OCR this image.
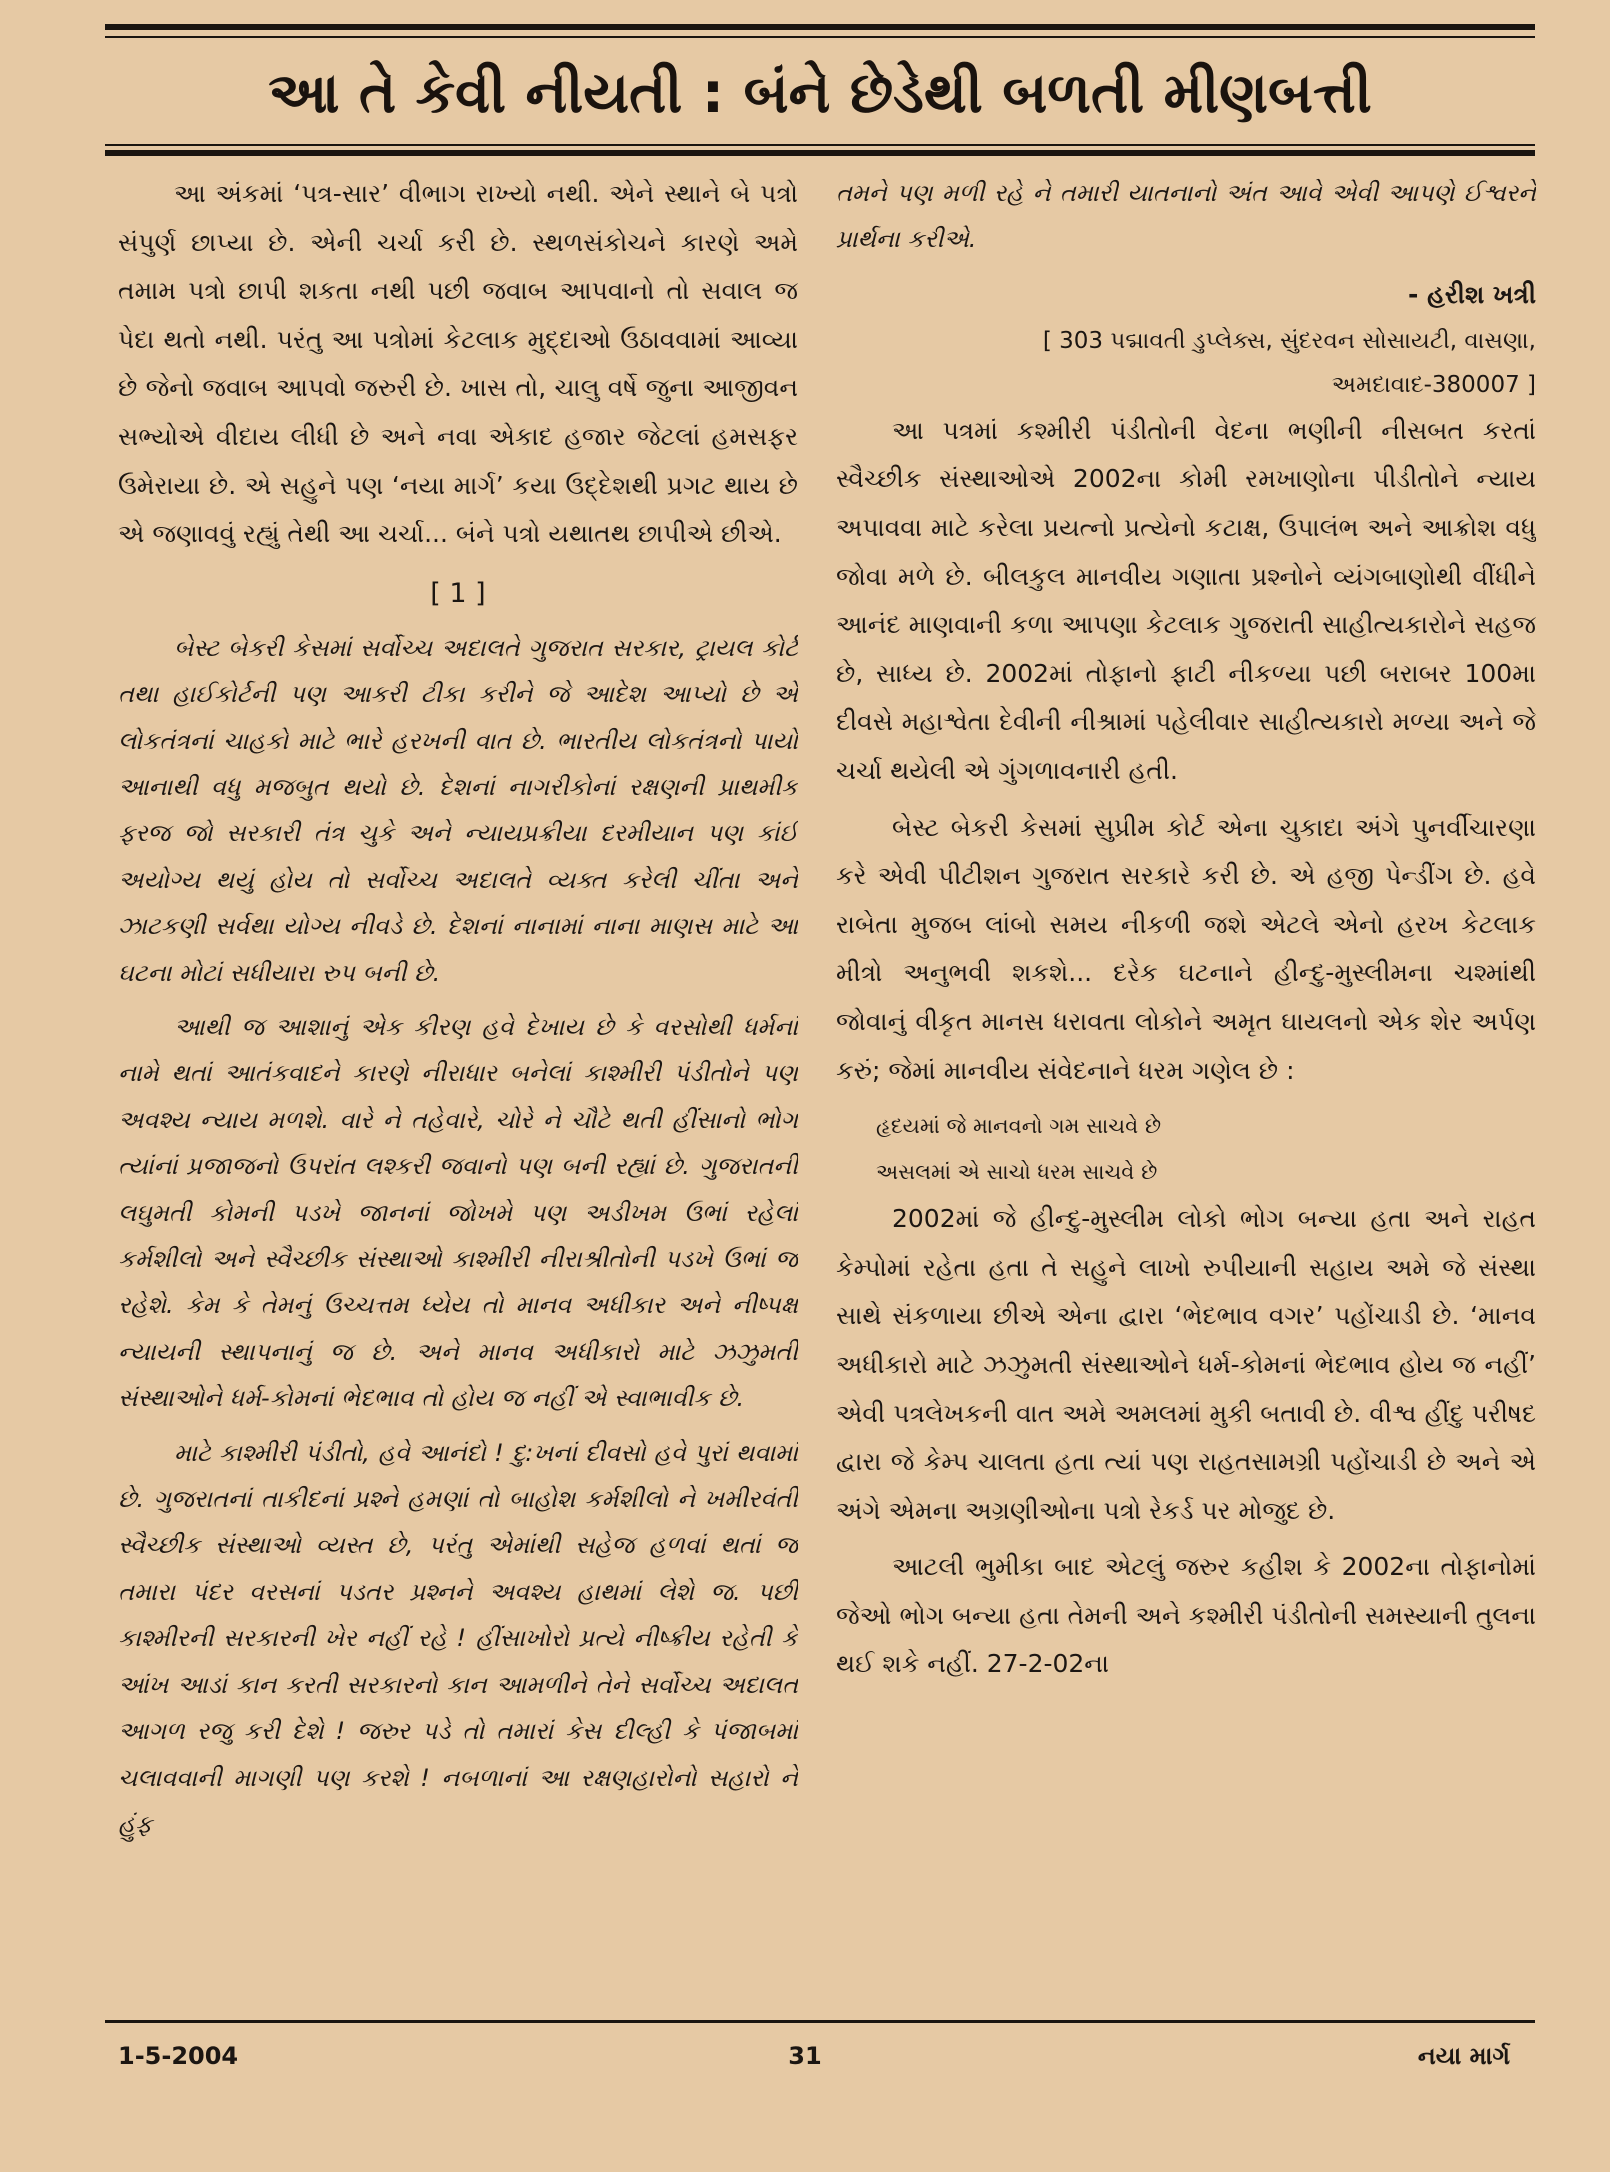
આ તે કેવી નીયતી : બંને છેડેથી બળતી મીણબત્તી

આ અંકમાં ‘પત્ર-સાર’ વીભાગ રાખ્યો નથી. એને સ્થાને બે પત્રો સંપુર્ણ છાપ્યા છે. એની ચર્ચા કરી છે. સ્થળસંકોચને કારણે અમે તમામ પત્રો છાપી શકતા નથી પછી જવાબ આપવાનો તો સવાલ જ પેદા થતો નથી. પરંતુ આ પત્રોમાં કેટલાક મુદ્દાઓ ઉઠાવવામાં આવ્યા છે જેનો જવાબ આપવો જરુરી છે. ખાસ તો, ચાલુ વર્ષે જુના આજીવન સભ્યોએ વીદાય લીધી છે અને નવા એકાદ હજાર જેટલાં હમસફર ઉમેરાયા છે. એ સહુને પણ ‘નયા માર્ગ’ કયા ઉદ્દેશથી પ્રગટ થાય છે એ જણાવવું રહ્યું તેથી આ ચર્ચા... બંને પત્રો યથાતથ છાપીએ છીએ.

[ 1 ]

બેસ્ટ બેકરી કેસમાં સર્વોચ્ચ અદાલતે ગુજરાત સરકાર, ટ્રાયલ કોર્ટ તથા હાઈકોર્ટની પણ આકરી ટીકા કરીને જે આદેશ આપ્યો છે એ લોકતંત્રનાં ચાહકો માટે ભારે હરખની વાત છે. ભારતીય લોકતંત્રનો પાયો આનાથી વધુ મજબુત થયો છે. દેશનાં નાગરીકોનાં રક્ષણની પ્રાથમીક ફરજ જો સરકારી તંત્ર ચુકે અને ન્યાયપ્રક્રીયા દરમીયાન પણ કાંઈ અયોગ્ય થયું હોય તો સર્વોચ્ચ અદાલતે વ્યક્ત કરેલી ચીંતા અને ઝાટકણી સર્વથા યોગ્ય નીવડે છે. દેશનાં નાનામાં નાના માણસ માટે આ ઘટના મોટાં સધીયારા રુપ બની છે.

આથી જ આશાનું એક કીરણ હવે દેખાય છે કે વરસોથી ધર્મનાં નામે થતાં આતંકવાદને કારણે નીરાધાર બનેલાં કાશ્મીરી પંડીતોને પણ અવશ્ય ન્યાય મળશે. વારે ને તહેવારે, ચોરે ને ચૌટે થતી હીંસાનો ભોગ ત્યાંનાં પ્રજાજનો ઉપરાંત લશ્કરી જવાનો પણ બની રહ્યાં છે. ગુજરાતની લઘુમતી કોમની પડખે જાનનાં જોખમે પણ અડીખમ ઉભાં રહેલાં કર્મશીલો અને સ્વૈચ્છીક સંસ્થાઓ કાશ્મીરી નીરાશ્રીતોની પડખે ઉભાં જ રહેશે. કેમ કે તેમનું ઉચ્ચત્તમ ધ્યેય તો માનવ અધીકાર અને નીષ્પક્ષ ન્યાયની સ્થાપનાનું જ છે. અને માનવ અધીકારો માટે ઝઝુમતી સંસ્થાઓને ધર્મ-કોમનાં ભેદભાવ તો હોય જ નહીં એ સ્વાભાવીક છે.

માટે કાશ્મીરી પંડીતો, હવે આનંદો ! દુ:ખનાં દીવસો હવે પુરાં થવામાં છે. ગુજરાતનાં તાકીદનાં પ્રશ્ને હમણાં તો બાહોશ કર્મશીલો ને ખમીરવંતી સ્વૈચ્છીક સંસ્થાઓ વ્યસ્ત છે, પરંતુ એમાંથી સહેજ હળવાં થતાં જ તમારા પંદર વરસનાં પડતર પ્રશ્નને અવશ્ય હાથમાં લેશે જ. પછી કાશ્મીરની સરકારની ખેર નહીં રહે ! હીંસાખોરો પ્રત્યે નીષ્ક્રીય રહેતી કે આંખ આડાં કાન કરતી સરકારનો કાન આમળીને તેને સર્વોચ્ચ અદાલત આગળ રજુ કરી દેશે ! જરુર પડે તો તમારાં કેસ દીલ્હી કે પંજાબમાં ચલાવવાની માગણી પણ કરશે ! નબળાનાં આ રક્ષણહારોનો સહારો ને હુંફ

તમને પણ મળી રહે ને તમારી યાતનાનો અંત આવે એવી આપણે ઈશ્વરને પ્રાર્થના કરીએ.

- હરીશ ખત્રી
[ 303 પદ્માવતી ડુપ્લેક્સ, સુંદરવન સોસાયટી, વાસણા,
અમદાવાદ-380007 ]

આ પત્રમાં કશ્મીરી પંડીતોની વેદના ભણીની નીસબત કરતાં સ્વૈચ્છીક સંસ્થાઓએ 2002ના કોમી રમખાણોના પીડીતોને ન્યાય અપાવવા માટે કરેલા પ્રયત્નો પ્રત્યેનો કટાક્ષ, ઉપાલંભ અને આક્રોશ વધુ જોવા મળે છે. બીલકુલ માનવીય ગણાતા પ્રશ્નોને વ્યંગબાણોથી વીંધીને આનંદ માણવાની કળા આપણા કેટલાક ગુજરાતી સાહીત્યકારોને સહજ છે, સાધ્ય છે. 2002માં તોફાનો ફાટી નીકળ્યા પછી બરાબર 100મા દીવસે મહાશ્વેતા દેવીની નીશ્રામાં પહેલીવાર સાહીત્યકારો મળ્યા અને જે ચર્ચા થયેલી એ ગુંગળાવનારી હતી.

બેસ્ટ બેકરી કેસમાં સુપ્રીમ કોર્ટ એના ચુકાદા અંગે પુનર્વીચારણા કરે એવી પીટીશન ગુજરાત સરકારે કરી છે. એ હજી પેન્ડીંગ છે. હવે રાબેતા મુજબ લાંબો સમય નીકળી જશે એટલે એનો હરખ કેટલાક મીત્રો અનુભવી શકશે... દરેક ઘટનાને હીન્દુ-મુસ્લીમના ચશ્માંથી જોવાનું વીકૃત માનસ ધરાવતા લોકોને અમૃત ઘાયલનો એક શેર અર્પણ કરું; જેમાં માનવીય સંવેદનાને ધરમ ગણેલ છે :

હૃદયમાં જે માનવનો ગમ સાચવે છે

અસલમાં એ સાચો ધરમ સાચવે છે

2002માં જે હીન્દુ-મુસ્લીમ લોકો ભોગ બન્યા હતા અને રાહત કેમ્પોમાં રહેતા હતા તે સહુને લાખો રુપીયાની સહાય અમે જે સંસ્થા સાથે સંકળાયા છીએ એના દ્વારા ‘ભેદભાવ વગર’ પહોંચાડી છે. ‘માનવ અધીકારો માટે ઝઝુમતી સંસ્થાઓને ધર્મ-કોમનાં ભેદભાવ હોય જ નહીં’ એવી પત્રલેખકની વાત અમે અમલમાં મુકી બતાવી છે. વીશ્વ હીંદુ પરીષદ દ્વારા જે કેમ્પ ચાલતા હતા ત્યાં પણ રાહતસામગ્રી પહોંચાડી છે અને એ અંગે એમના અગ્રણીઓના પત્રો રેકર્ડ પર મોજુદ છે.

આટલી ભુમીકા બાદ એટલું જરુર કહીશ કે 2002ના તોફાનોમાં જેઓ ભોગ બન્યા હતા તેમની અને કશ્મીરી પંડીતોની સમસ્યાની તુલના થઈ શકે નહીં. 27-2-02ના

1-5-2004	31	નયા માર્ગ
